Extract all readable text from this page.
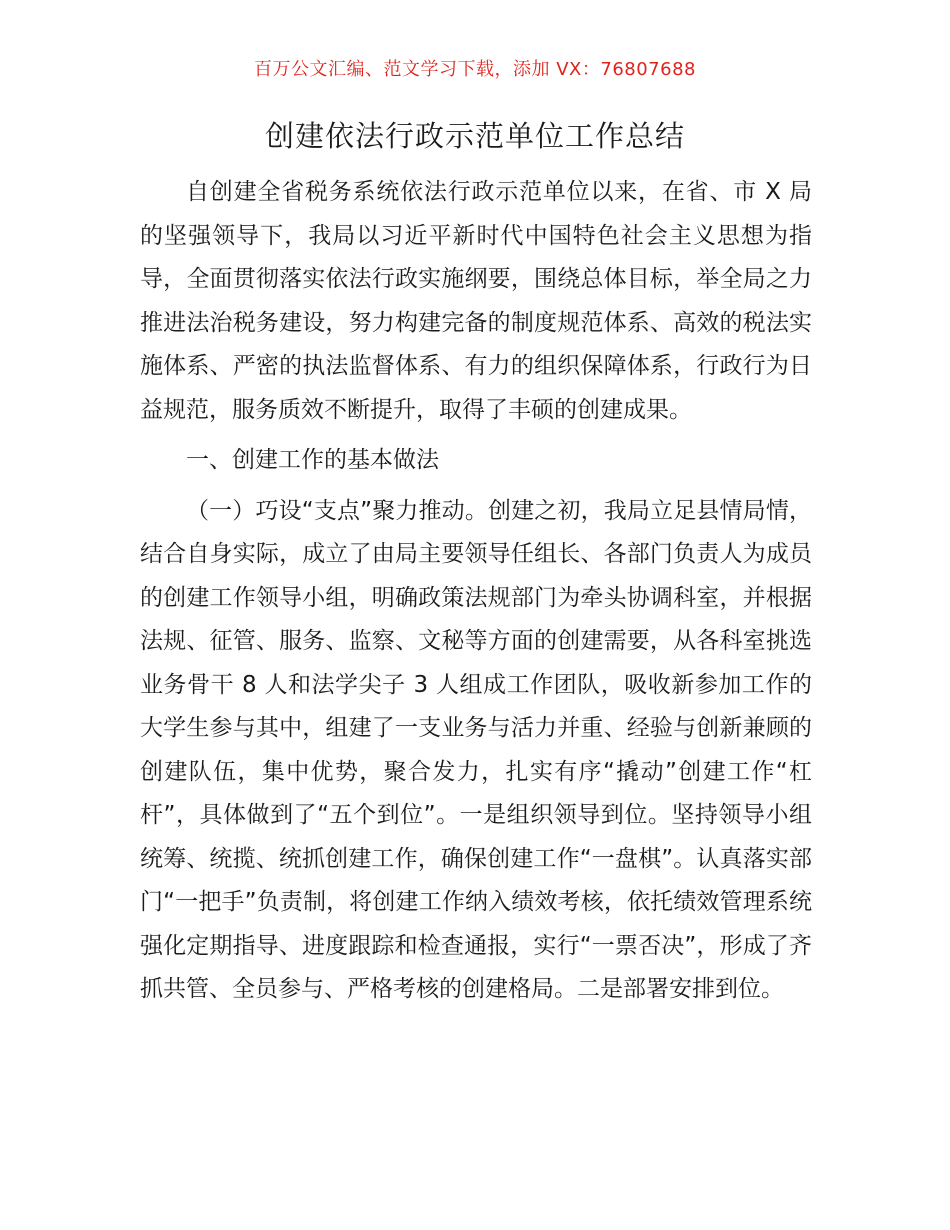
百万公文汇编、范文学习下载，添加 VX：76807688
创建依法行政示范单位工作总结

自创建全省税务系统依法行政示范单位以来，在省、市 X 局的坚强领导下，我局以习近平新时代中国特色社会主义思想为指导，全面贯彻落实依法行政实施纲要，围绕总体目标，举全局之力推进法治税务建设，努力构建完备的制度规范体系、高效的税法实施体系、严密的执法监督体系、有力的组织保障体系，行政行为日益规范，服务质效不断提升，取得了丰硕的创建成果。

一、创建工作的基本做法

（一）巧设“支点”聚力推动。创建之初，我局立足县情局情，结合自身实际，成立了由局主要领导任组长、各部门负责人为成员的创建工作领导小组，明确政策法规部门为牵头协调科室，并根据法规、征管、服务、监察、文秘等方面的创建需要，从各科室挑选业务骨干 8 人和法学尖子 3 人组成工作团队，吸收新参加工作的大学生参与其中，组建了一支业务与活力并重、经验与创新兼顾的创建队伍，集中优势，聚合发力，扎实有序“撬动”创建工作“杠杆”，具体做到了“五个到位”。一是组织领导到位。坚持领导小组统筹、统揽、统抓创建工作，确保创建工作“一盘棋”。认真落实部门“一把手”负责制，将创建工作纳入绩效考核，依托绩效管理系统强化定期指导、进度跟踪和检查通报，实行“一票否决”，形成了齐抓共管、全员参与、严格考核的创建格局。二是部署安排到位。
